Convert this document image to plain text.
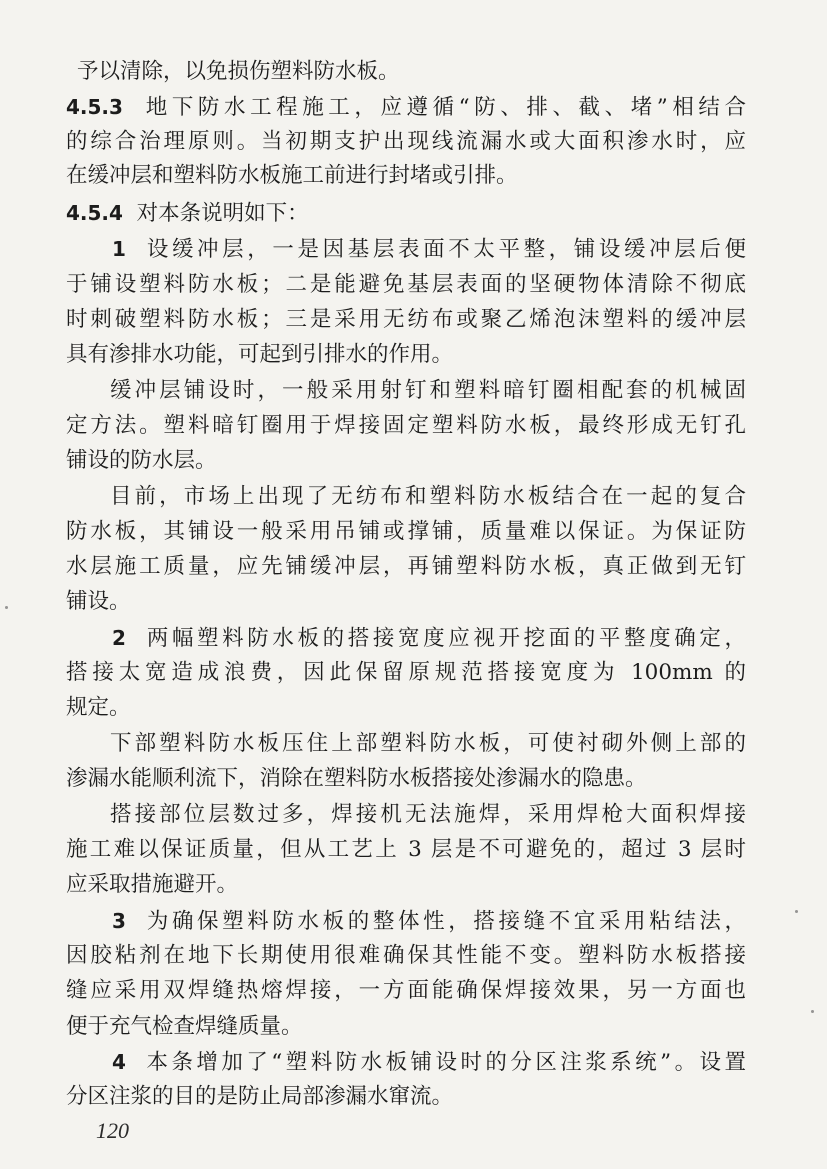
予以清除，以免损伤塑料防水板。
4.5.3 地下防水工程施工，应遵循“防、排、截、堵”相结合
的综合治理原则。当初期支护出现线流漏水或大面积渗水时，应
在缓冲层和塑料防水板施工前进行封堵或引排。
4.5.4 对本条说明如下：
1 设缓冲层，一是因基层表面不太平整，铺设缓冲层后便
于铺设塑料防水板；二是能避免基层表面的坚硬物体清除不彻底
时刺破塑料防水板；三是采用无纺布或聚乙烯泡沫塑料的缓冲层
具有渗排水功能，可起到引排水的作用。
缓冲层铺设时，一般采用射钉和塑料暗钉圈相配套的机械固
定方法。塑料暗钉圈用于焊接固定塑料防水板，最终形成无钉孔
铺设的防水层。
目前，市场上出现了无纺布和塑料防水板结合在一起的复合
防水板，其铺设一般采用吊铺或撑铺，质量难以保证。为保证防
水层施工质量，应先铺缓冲层，再铺塑料防水板，真正做到无钉
铺设。
2 两幅塑料防水板的搭接宽度应视开挖面的平整度确定，
搭接太宽造成浪费，因此保留原规范搭接宽度为 100mm 的
规定。
下部塑料防水板压住上部塑料防水板，可使衬砌外侧上部的
渗漏水能顺利流下，消除在塑料防水板搭接处渗漏水的隐患。
搭接部位层数过多，焊接机无法施焊，采用焊枪大面积焊接
施工难以保证质量，但从工艺上 3 层是不可避免的，超过 3 层时
应采取措施避开。
3 为确保塑料防水板的整体性，搭接缝不宜采用粘结法，
因胶粘剂在地下长期使用很难确保其性能不变。塑料防水板搭接
缝应采用双焊缝热熔焊接，一方面能确保焊接效果，另一方面也
便于充气检查焊缝质量。
4 本条增加了“塑料防水板铺设时的分区注浆系统”。设置
分区注浆的目的是防止局部渗漏水窜流。
120
